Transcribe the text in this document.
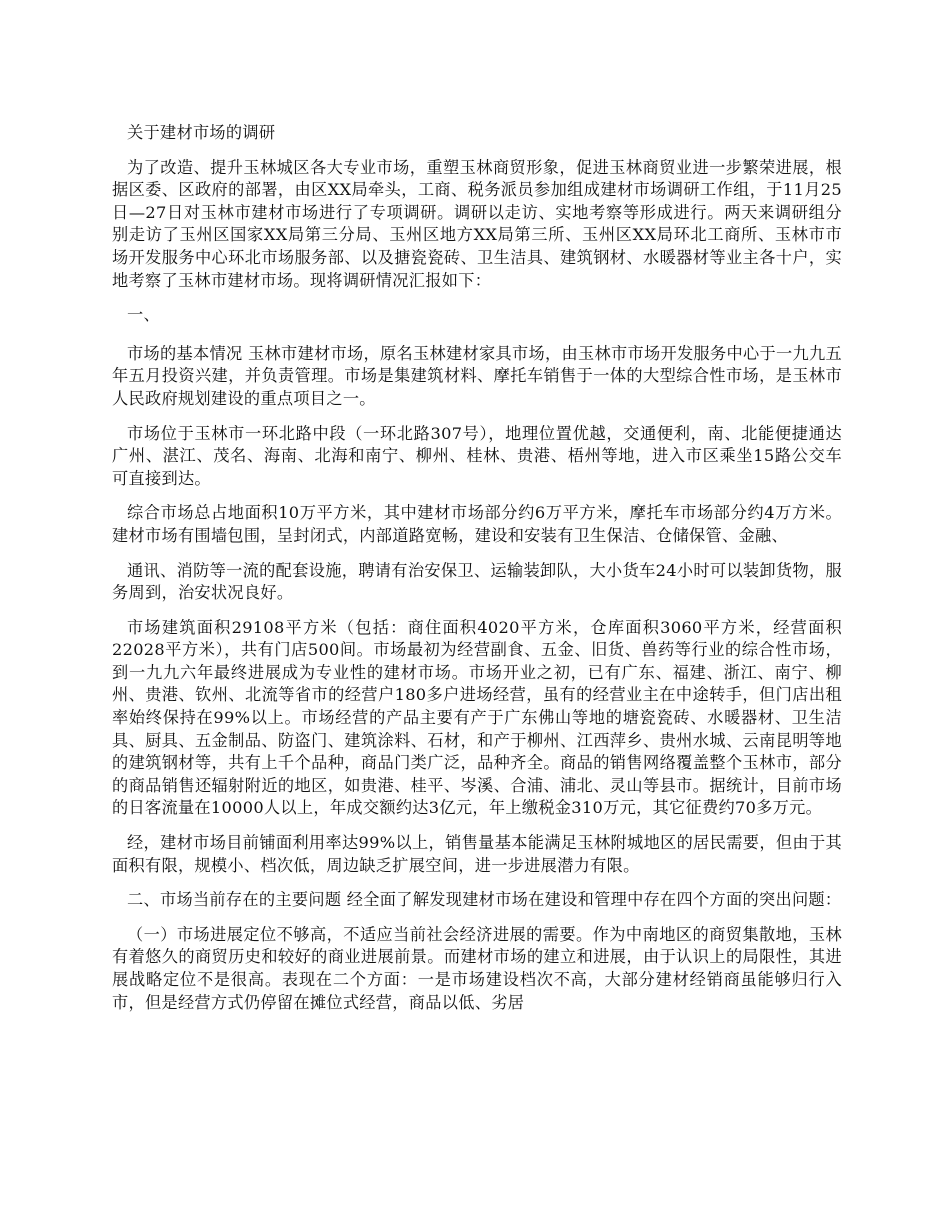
关于建材市场的调研

为了改造、提升玉林城区各大专业市场，重塑玉林商贸形象，促进玉林商贸业进一步繁荣进展，根据区委、区政府的部署，由区XX局牵头，工商、税务派员参加组成建材市场调研工作组，于11月25日—27日对玉林市建材市场进行了专项调研。调研以走访、实地考察等形成进行。两天来调研组分别走访了玉州区国家XX局第三分局、玉州区地方XX局第三所、玉州区XX局环北工商所、玉林市市场开发服务中心环北市场服务部、以及搪瓷瓷砖、卫生洁具、建筑钢材、水暖器材等业主各十户，实地考察了玉林市建材市场。现将调研情况汇报如下：

一、

市场的基本情况 玉林市建材市场，原名玉林建材家具市场，由玉林市市场开发服务中心于一九九五年五月投资兴建，并负责管理。市场是集建筑材料、摩托车销售于一体的大型综合性市场，是玉林市人民政府规划建设的重点项目之一。

市场位于玉林市一环北路中段（一环北路307号），地理位置优越，交通便利，南、北能便捷通达广州、湛江、茂名、海南、北海和南宁、柳州、桂林、贵港、梧州等地，进入市区乘坐15路公交车可直接到达。

综合市场总占地面积10万平方米，其中建材市场部分约6万平方米，摩托车市场部分约4万方米。建材市场有围墙包围，呈封闭式，内部道路宽畅，建设和安装有卫生保洁、仓储保管、金融、

通讯、消防等一流的配套设施，聘请有治安保卫、运输装卸队，大小货车24小时可以装卸货物，服务周到，治安状况良好。

市场建筑面积29108平方米（包括：商住面积4020平方米，仓库面积3060平方米，经营面积22028平方米），共有门店500间。市场最初为经营副食、五金、旧货、兽药等行业的综合性市场，到一九九六年最终进展成为专业性的建材市场。市场开业之初，已有广东、福建、浙江、南宁、柳州、贵港、钦州、北流等省市的经营户180多户进场经营，虽有的经营业主在中途转手，但门店出租率始终保持在99%以上。市场经营的产品主要有产于广东佛山等地的塘瓷瓷砖、水暖器材、卫生洁具、厨具、五金制品、防盗门、建筑涂料、石材，和产于柳州、江西萍乡、贵州水城、云南昆明等地的建筑钢材等，共有上千个品种，商品门类广泛，品种齐全。商品的销售网络覆盖整个玉林市，部分的商品销售还辐射附近的地区，如贵港、桂平、岑溪、合浦、浦北、灵山等县市。据统计，目前市场的日客流量在10000人以上，年成交额约达3亿元，年上缴税金310万元，其它征费约70多万元。

经，建材市场目前铺面利用率达99%以上，销售量基本能满足玉林附城地区的居民需要，但由于其面积有限，规模小、档次低，周边缺乏扩展空间，进一步进展潜力有限。

二、市场当前存在的主要问题 经全面了解发现建材市场在建设和管理中存在四个方面的突出问题：

（一）市场进展定位不够高，不适应当前社会经济进展的需要。作为中南地区的商贸集散地，玉林有着悠久的商贸历史和较好的商业进展前景。而建材市场的建立和进展，由于认识上的局限性，其进展战略定位不是很高。表现在二个方面：一是市场建设档次不高，大部分建材经销商虽能够归行入市，但是经营方式仍停留在摊位式经营，商品以低、劣居
